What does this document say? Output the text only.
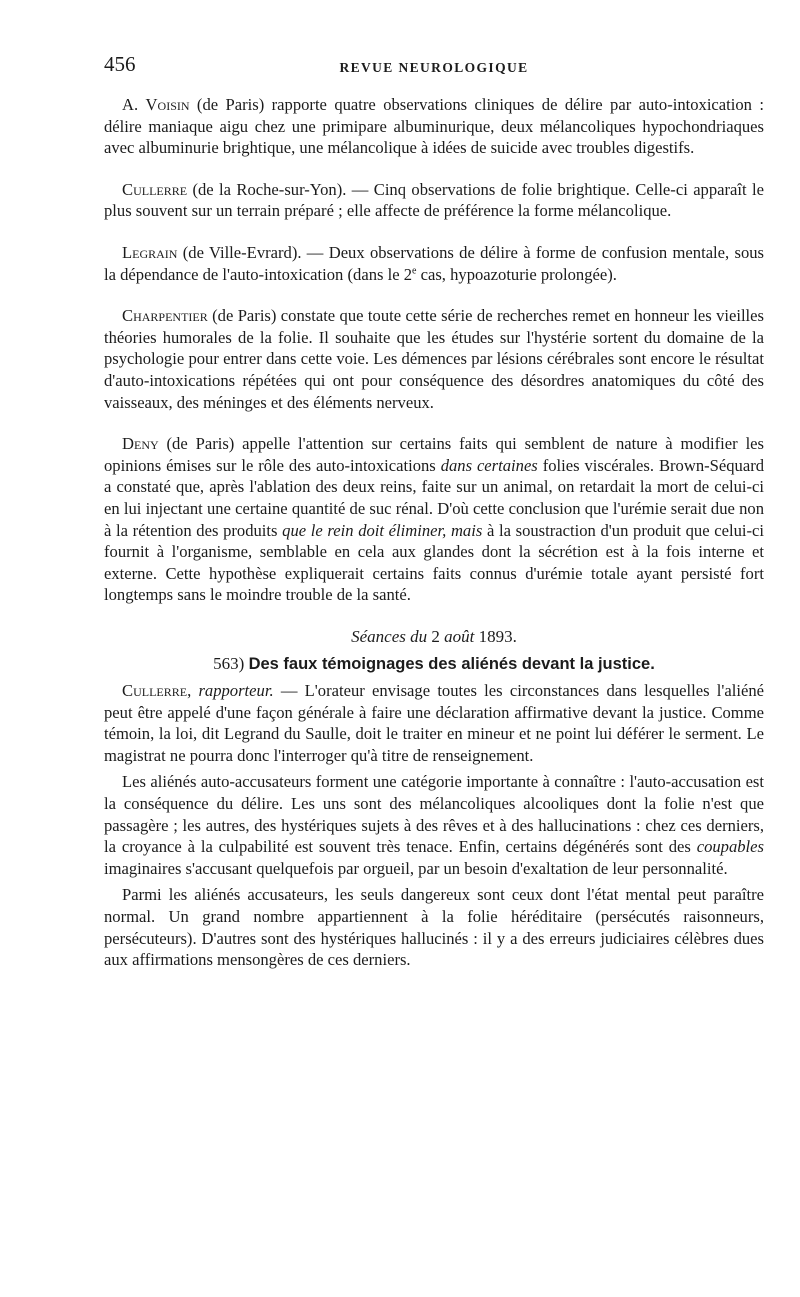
456	REVUE NEUROLOGIQUE

A. Voisin (de Paris) rapporte quatre observations cliniques de délire par auto-intoxication : délire maniaque aigu chez une primipare albuminurique, deux mélancoliques hypochondriaques avec albuminurie brightique, une mélancolique à idées de suicide avec troubles digestifs.

Cullerre (de la Roche-sur-Yon). — Cinq observations de folie brightique. Celle-ci apparaît le plus souvent sur un terrain préparé ; elle affecte de préférence la forme mélancolique.

Legrain (de Ville-Evrard). — Deux observations de délire à forme de confusion mentale, sous la dépendance de l'auto-intoxication (dans le 2e cas, hypoazoturie prolongée).

Charpentier (de Paris) constate que toute cette série de recherches remet en honneur les vieilles théories humorales de la folie. Il souhaite que les études sur l'hystérie sortent du domaine de la psychologie pour entrer dans cette voie. Les démences par lésions cérébrales sont encore le résultat d'auto-intoxications répétées qui ont pour conséquence des désordres anatomiques du côté des vaisseaux, des méninges et des éléments nerveux.

Deny (de Paris) appelle l'attention sur certains faits qui semblent de nature à modifier les opinions émises sur le rôle des auto-intoxications dans certaines folies viscérales. Brown-Séquard a constaté que, après l'ablation des deux reins, faite sur un animal, on retardait la mort de celui-ci en lui injectant une certaine quantité de suc rénal. D'où cette conclusion que l'urémie serait due non à la rétention des produits que le rein doit éliminer, mais à la soustraction d'un produit que celui-ci fournit à l'organisme, semblable en cela aux glandes dont la sécrétion est à la fois interne et externe. Cette hypothèse expliquerait certains faits connus d'urémie totale ayant persisté fort longtemps sans le moindre trouble de la santé.

Séances du 2 août 1893.

563) Des faux témoignages des aliénés devant la justice.

Cullerre, rapporteur. — L'orateur envisage toutes les circonstances dans lesquelles l'aliéné peut être appelé d'une façon générale à faire une déclaration affirmative devant la justice. Comme témoin, la loi, dit Legrand du Saulle, doit le traiter en mineur et ne point lui déférer le serment. Le magistrat ne pourra donc l'interroger qu'à titre de renseignement.

Les aliénés auto-accusateurs forment une catégorie importante à connaître : l'auto-accusation est la conséquence du délire. Les uns sont des mélancoliques alcooliques dont la folie n'est que passagère ; les autres, des hystériques sujets à des rêves et à des hallucinations : chez ces derniers, la croyance à la culpabilité est souvent très tenace. Enfin, certains dégénérés sont des coupables imaginaires s'accusant quelquefois par orgueil, par un besoin d'exaltation de leur personnalité.

Parmi les aliénés accusateurs, les seuls dangereux sont ceux dont l'état mental peut paraître normal. Un grand nombre appartiennent à la folie héréditaire (persécutés raisonneurs, persécuteurs). D'autres sont des hystériques hallucinés : il y a des erreurs judiciaires célèbres dues aux affirmations mensongères de ces derniers.
